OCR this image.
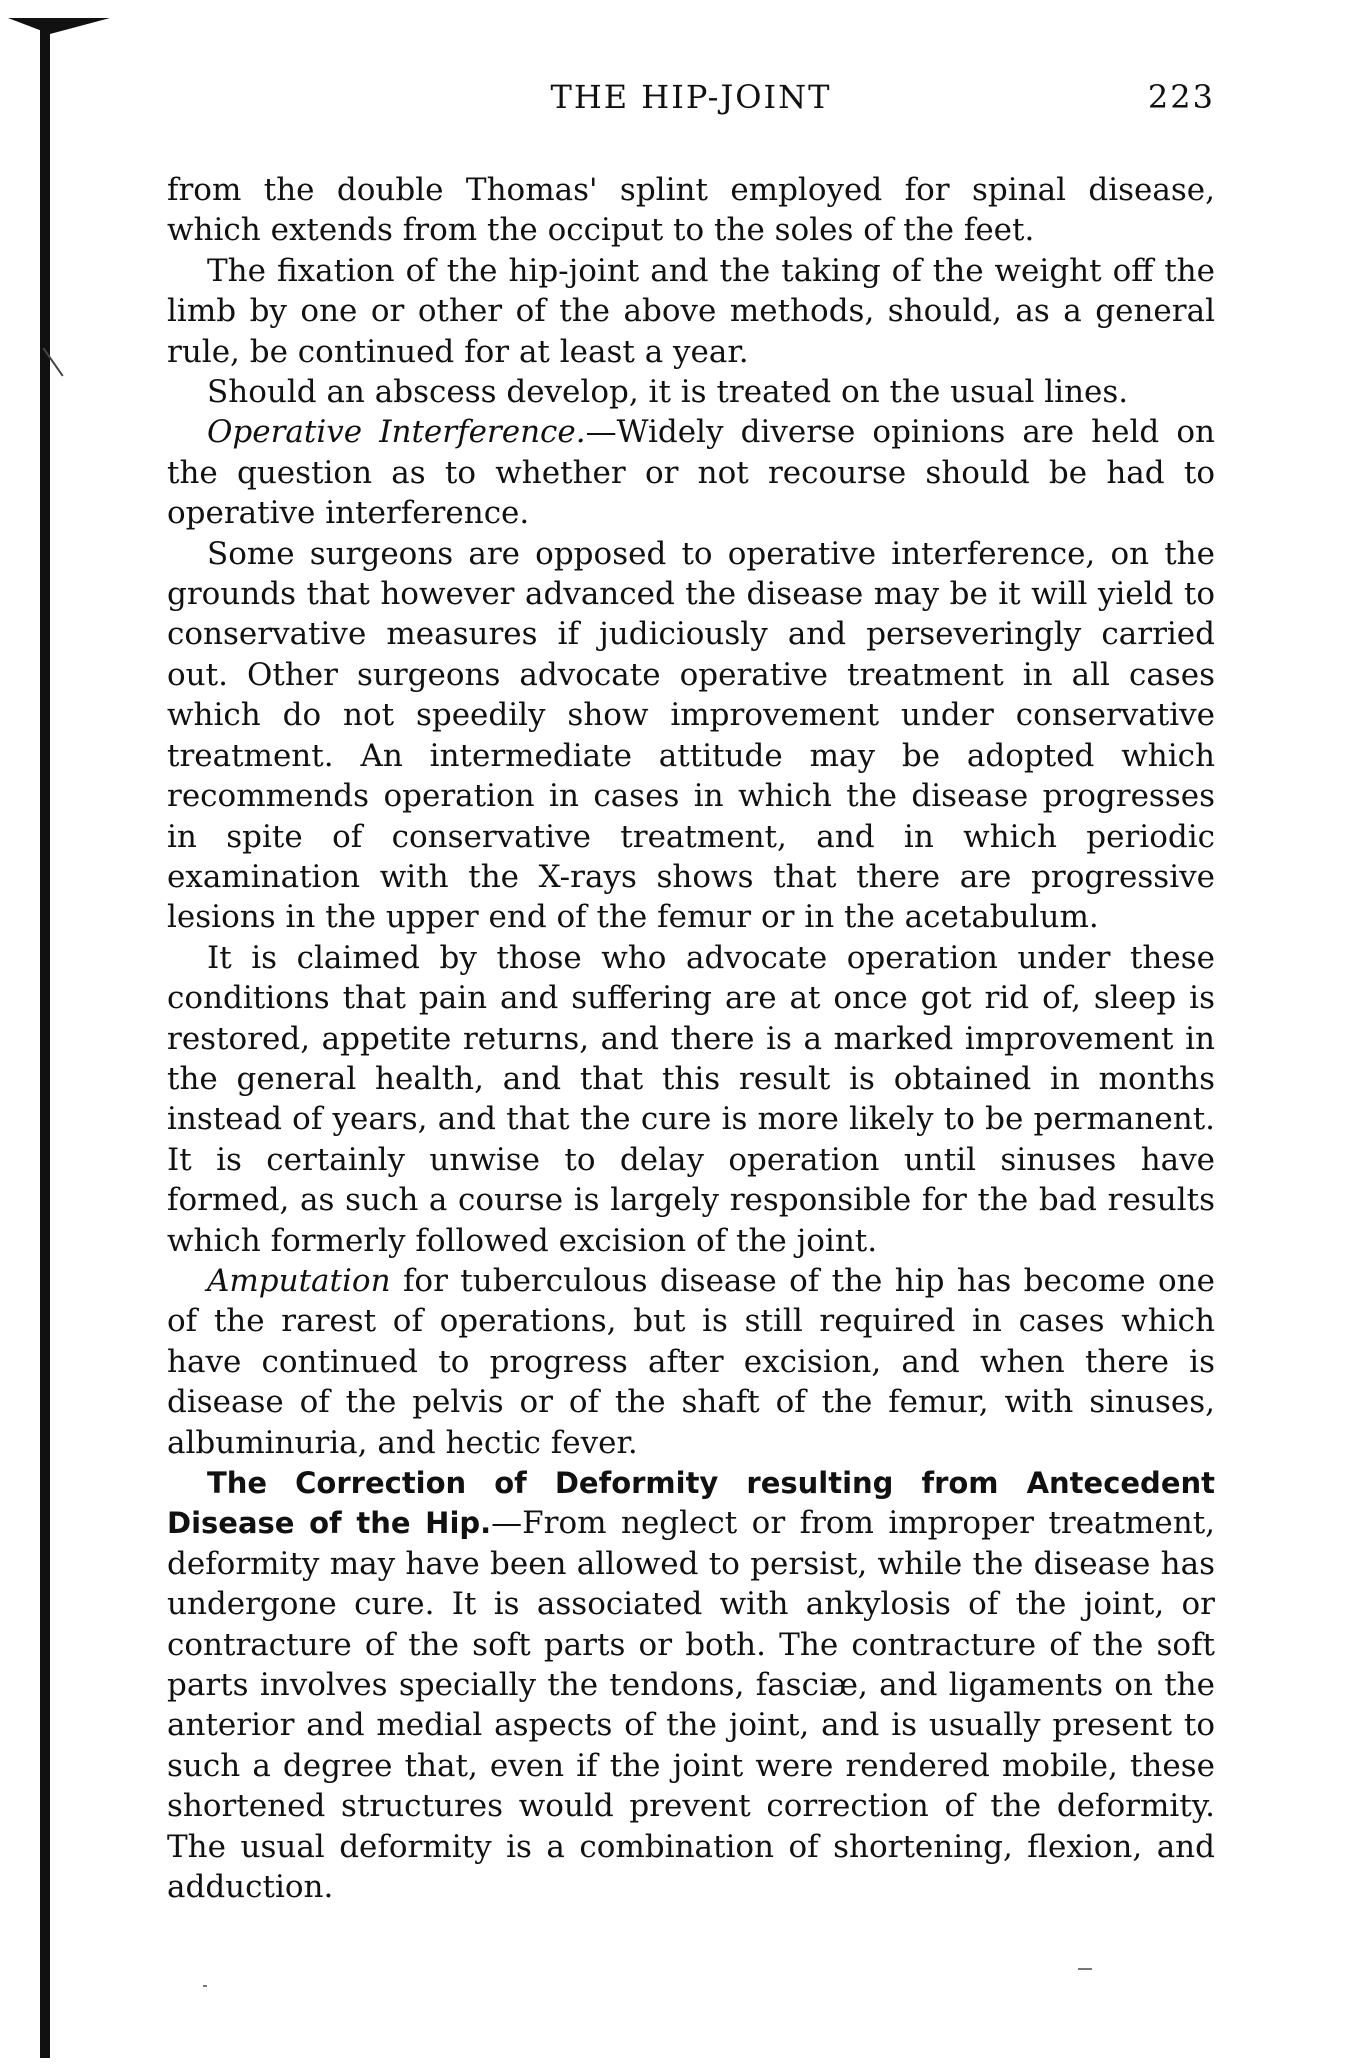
THE HIP-JOINT	223

from the double Thomas' splint employed for spinal disease, which extends from the occiput to the soles of the feet.

The fixation of the hip-joint and the taking of the weight off the limb by one or other of the above methods, should, as a general rule, be continued for at least a year.

Should an abscess develop, it is treated on the usual lines.

Operative Interference.—Widely diverse opinions are held on the question as to whether or not recourse should be had to operative interference.

Some surgeons are opposed to operative interference, on the grounds that however advanced the disease may be it will yield to conservative measures if judiciously and perseveringly carried out. Other surgeons advocate operative treatment in all cases which do not speedily show improvement under conservative treatment. An intermediate attitude may be adopted which recommends operation in cases in which the disease progresses in spite of conservative treatment, and in which periodic examination with the X-rays shows that there are progressive lesions in the upper end of the femur or in the acetabulum.

It is claimed by those who advocate operation under these conditions that pain and suffering are at once got rid of, sleep is restored, appetite returns, and there is a marked improvement in the general health, and that this result is obtained in months instead of years, and that the cure is more likely to be permanent. It is certainly unwise to delay operation until sinuses have formed, as such a course is largely responsible for the bad results which formerly followed excision of the joint.

Amputation for tuberculous disease of the hip has become one of the rarest of operations, but is still required in cases which have continued to progress after excision, and when there is disease of the pelvis or of the shaft of the femur, with sinuses, albuminuria, and hectic fever.

The Correction of Deformity resulting from Antecedent Disease of the Hip.—From neglect or from improper treatment, deformity may have been allowed to persist, while the disease has undergone cure. It is associated with ankylosis of the joint, or contracture of the soft parts or both. The contracture of the soft parts involves specially the tendons, fasciæ, and ligaments on the anterior and medial aspects of the joint, and is usually present to such a degree that, even if the joint were rendered mobile, these shortened structures would prevent correction of the deformity. The usual deformity is a combination of shortening, flexion, and adduction.
